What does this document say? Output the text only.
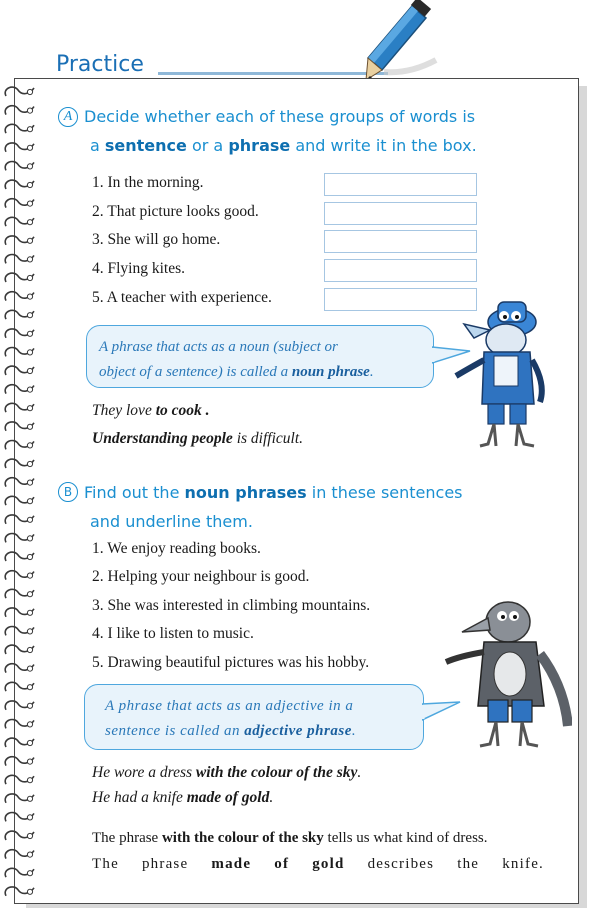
Practice
A Decide whether each of these groups of words is
a sentence or a phrase and write it in the box.
1. In the morning.
2. That picture looks good.
3. She will go home.
4. Flying kites.
5. A teacher with experience.
A phrase that acts as a noun (subject or
object of a sentence) is called a noun phrase.
They love to cook .
Understanding people is difficult.
B Find out the noun phrases in these sentences
and underline them.
1. We enjoy reading books.
2. Helping your neighbour is good.
3. She was interested in climbing mountains.
4. I like to listen to music.
5. Drawing beautiful pictures was his hobby.
A phrase that acts as an adjective in a
sentence is called an adjective phrase.
He wore a dress with the colour of the sky.
He had a knife made of gold.
The phrase with the colour of the sky tells us what kind of dress.
The phrase made of gold describes the knife.
